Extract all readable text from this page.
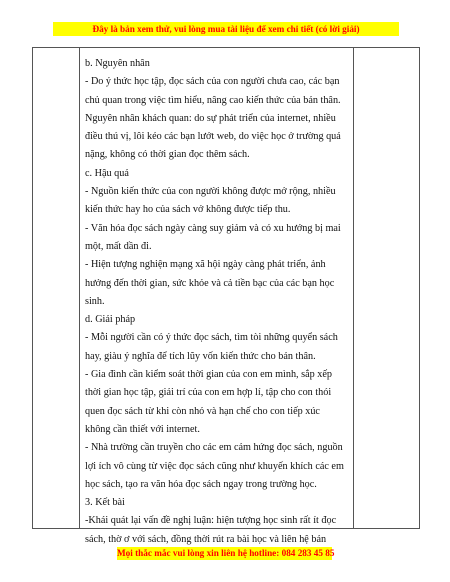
Đây là bản xem thử, vui lòng mua tài liệu để xem chi tiết (có lời giải)
b. Nguyên nhân
- Do ý thức học tập, đọc sách của con người chưa cao, các bạn
chủ quan trong việc tìm hiểu, nâng cao kiến thức của bản thân.
Nguyên nhân khách quan: do sự phát triển của internet, nhiều
điều thú vị, lôi kéo các bạn lướt web, do việc học ở trường quá
nặng, không có thời gian đọc thêm sách.
c. Hậu quả
- Nguồn kiến thức của con người không được mở rộng, nhiều
kiến thức hay ho của sách vở không được tiếp thu.
- Văn hóa đọc sách ngày càng suy giảm và có xu hướng bị mai
một, mất dần đi.
- Hiện tượng nghiện mạng xã hội ngày càng phát triển, ảnh
hưởng đến thời gian, sức khỏe và cả tiền bạc của các bạn học
sinh.
d. Giải pháp
- Mỗi người cần có ý thức đọc sách, tìm tòi những quyển sách
hay, giàu ý nghĩa để tích lũy vốn kiến thức cho bản thân.
- Gia đình cần kiểm soát thời gian của con em mình, sắp xếp
thời gian học tập, giải trí của con em hợp lí, tập cho con thói
quen đọc sách từ khi còn nhỏ và hạn chế cho con tiếp xúc
không cần thiết với internet.
- Nhà trường cần truyền cho các em cảm hứng đọc sách, nguồn
lợi ích vô cùng từ việc đọc sách cũng như khuyến khích các em
học sách, tạo ra văn hóa đọc sách ngay trong trường học.
3. Kết bài
-Khái quát lại vấn đề nghị luận: hiện tượng học sinh rất ít đọc
sách, thờ ơ với sách, đồng thời rút ra bài học và liên hệ bản
Mọi thắc mắc vui lòng xin liên hệ hotline: 084 283 45 85
